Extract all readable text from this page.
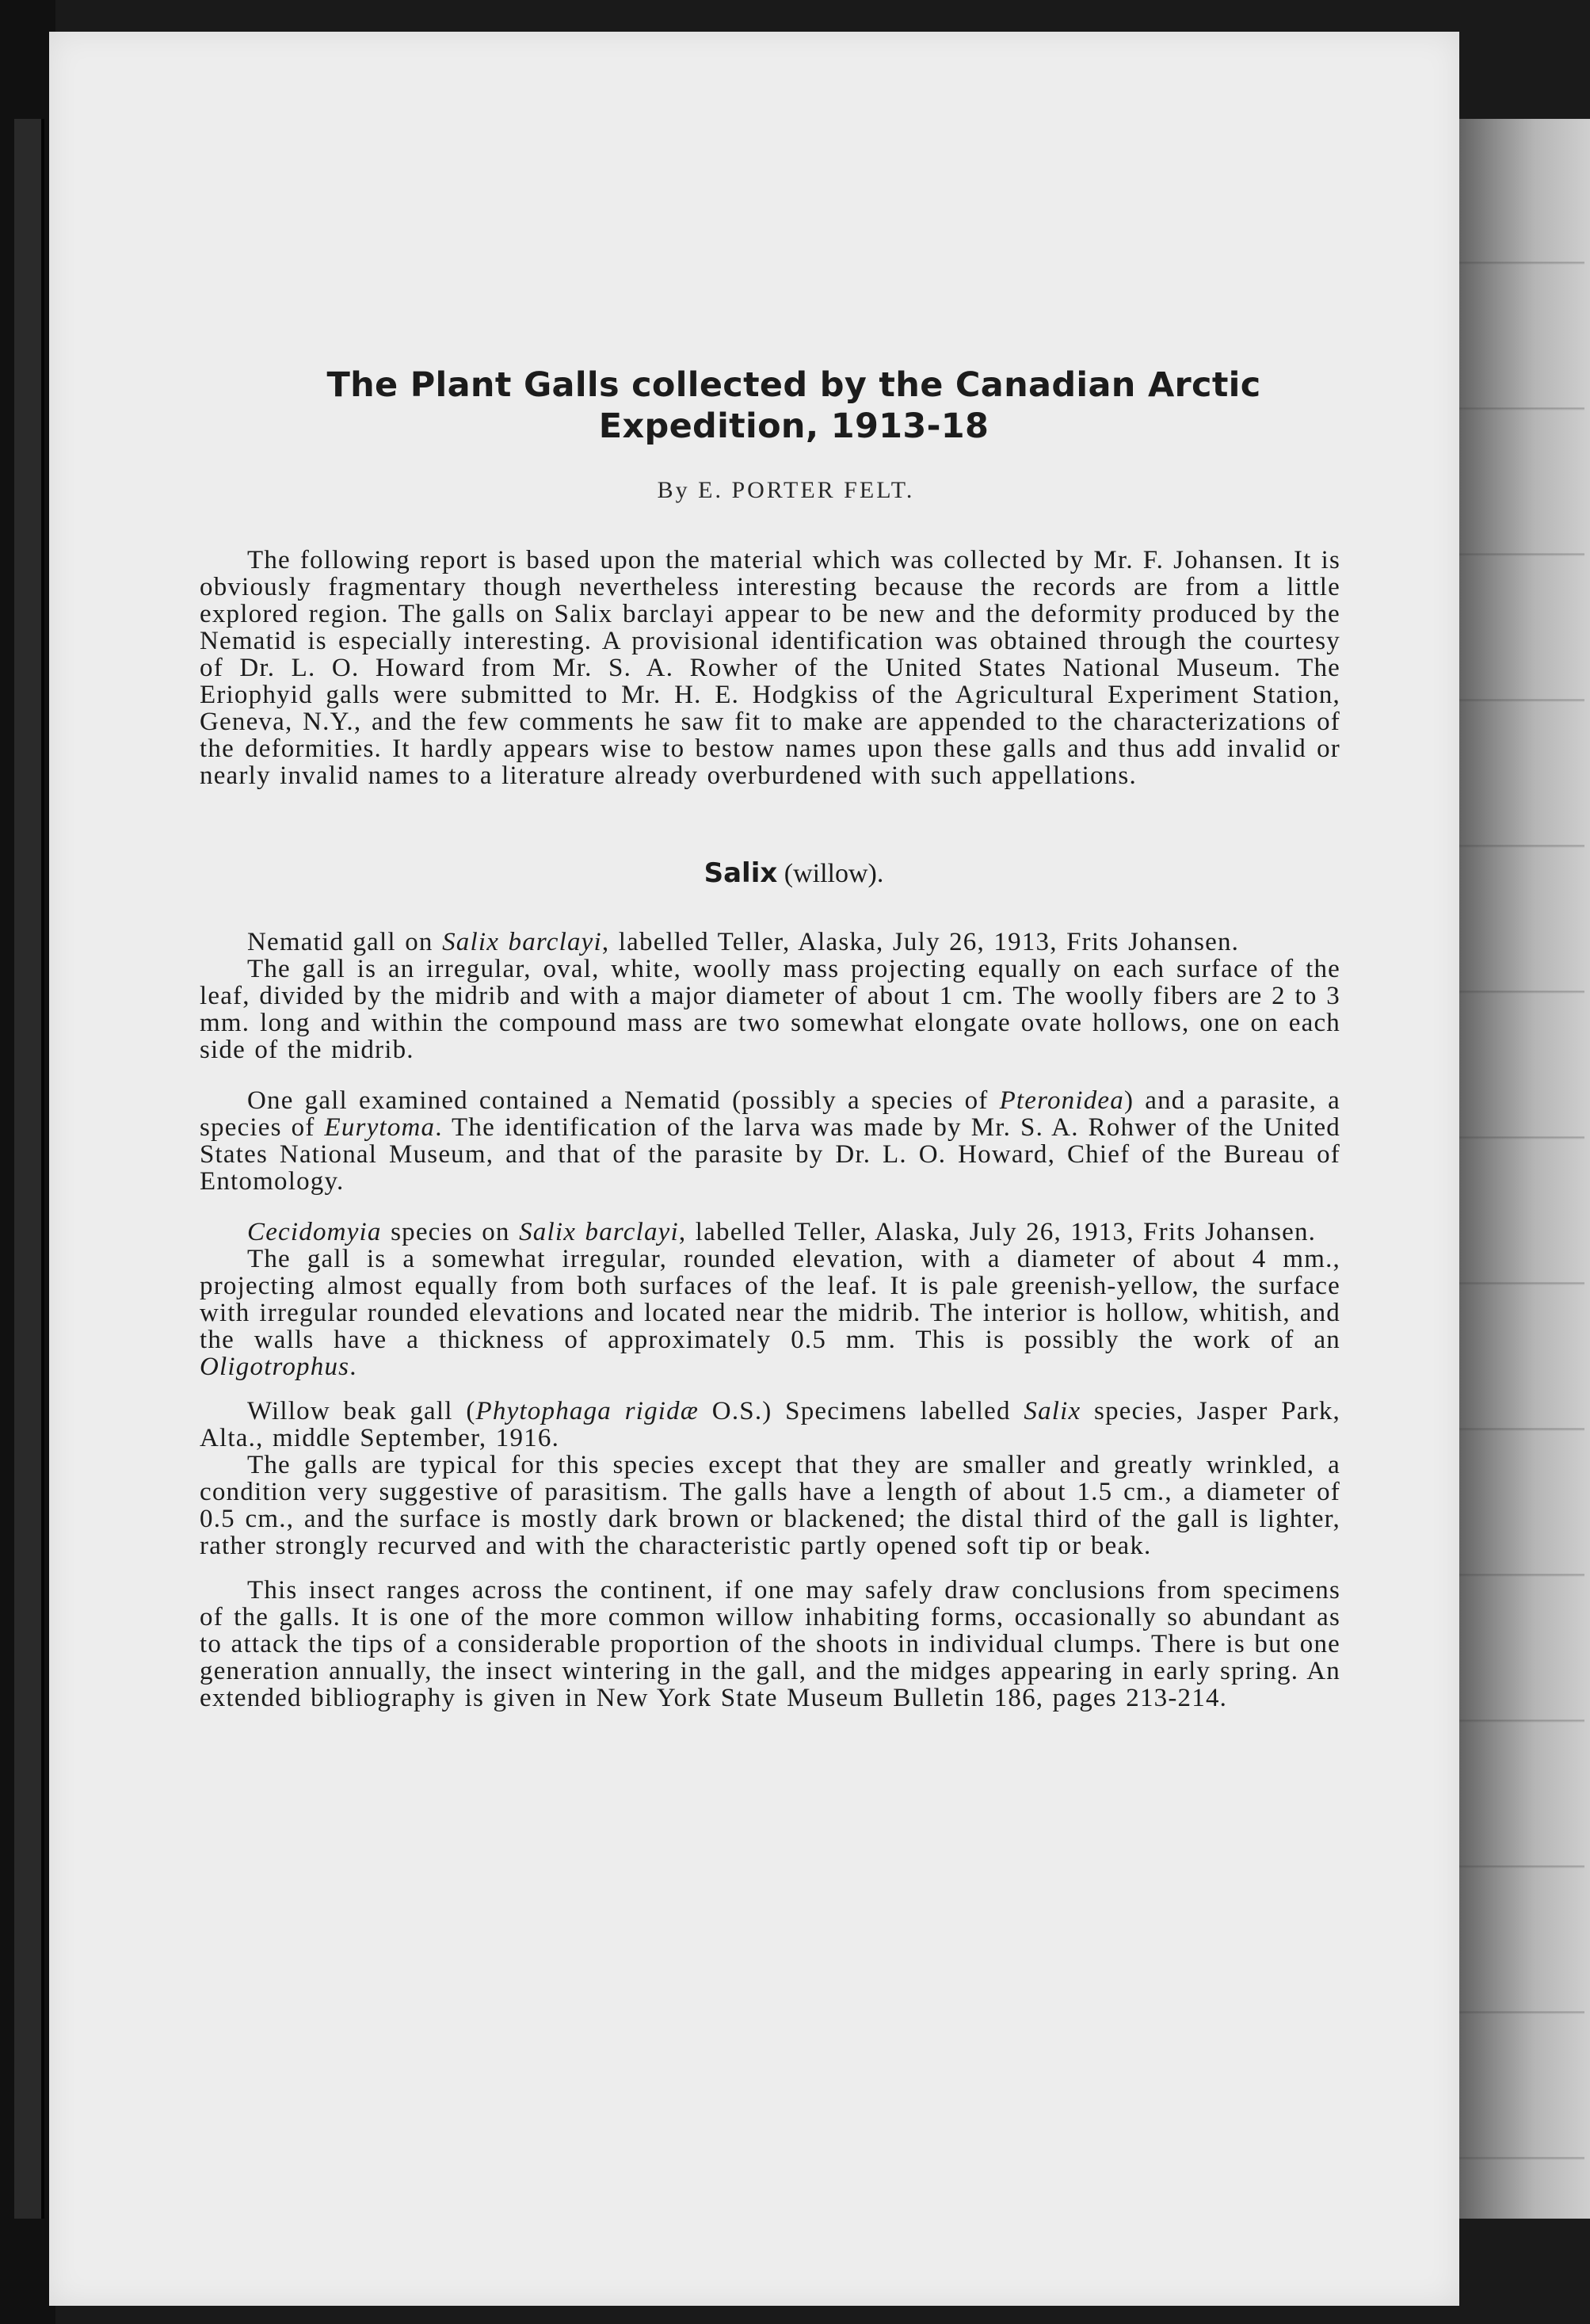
The Plant Galls collected by the Canadian Arctic
Expedition, 1913-18
By E. PORTER FELT.

The following report is based upon the material which was collected by Mr. F. Johansen. It is obviously fragmentary though nevertheless interesting because the records are from a little explored region. The galls on Salix barclayi appear to be new and the deformity produced by the Nematid is especially interesting. A provisional identification was obtained through the courtesy of Dr. L. O. Howard from Mr. S. A. Rowher of the United States National Museum. The Eriophyid galls were submitted to Mr. H. E. Hodgkiss of the Agricultural Experiment Station, Geneva, N.Y., and the few comments he saw fit to make are appended to the characterizations of the deformities. It hardly appears wise to bestow names upon these galls and thus add invalid or nearly invalid names to a literature already overburdened with such appellations.

Salix (willow).

Nematid gall on Salix barclayi, labelled Teller, Alaska, July 26, 1913, Frits Johansen.

The gall is an irregular, oval, white, woolly mass projecting equally on each surface of the leaf, divided by the midrib and with a major diameter of about 1 cm. The woolly fibers are 2 to 3 mm. long and within the compound mass are two somewhat elongate ovate hollows, one on each side of the midrib.

One gall examined contained a Nematid (possibly a species of Pteronidea) and a parasite, a species of Eurytoma. The identification of the larva was made by Mr. S. A. Rohwer of the United States National Museum, and that of the parasite by Dr. L. O. Howard, Chief of the Bureau of Entomology.

Cecidomyia species on Salix barclayi, labelled Teller, Alaska, July 26, 1913, Frits Johansen.

The gall is a somewhat irregular, rounded elevation, with a diameter of about 4 mm., projecting almost equally from both surfaces of the leaf. It is pale greenish-yellow, the surface with irregular rounded elevations and located near the midrib. The interior is hollow, whitish, and the walls have a thickness of approximately 0.5 mm. This is possibly the work of an Oligotrophus.

Willow beak gall (Phytophaga rigidæ O.S.) Specimens labelled Salix species, Jasper Park, Alta., middle September, 1916.

The galls are typical for this species except that they are smaller and greatly wrinkled, a condition very suggestive of parasitism. The galls have a length of about 1.5 cm., a diameter of 0.5 cm., and the surface is mostly dark brown or blackened; the distal third of the gall is lighter, rather strongly recurved and with the characteristic partly opened soft tip or beak.

This insect ranges across the continent, if one may safely draw conclusions from specimens of the galls. It is one of the more common willow inhabiting forms, occasionally so abundant as to attack the tips of a considerable proportion of the shoots in individual clumps. There is but one generation annually, the insect wintering in the gall, and the midges appearing in early spring. An extended bibliography is given in New York State Museum Bulletin 186, pages 213-214.
